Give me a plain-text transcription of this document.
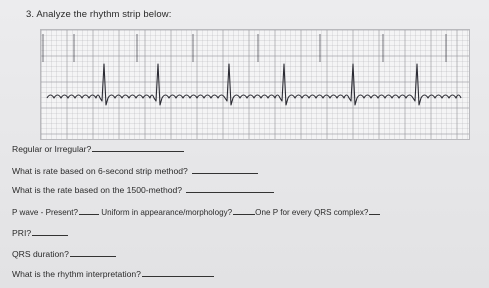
3. Analyze the rhythm strip below:
Regular or Irregular?
What is rate based on 6-second strip method?
What is the rate based on the 1500-method?
P wave - Present?	Uniform in appearance/morphology?	One P for every QRS complex?
PRI?
QRS duration?
What is the rhythm interpretation?
